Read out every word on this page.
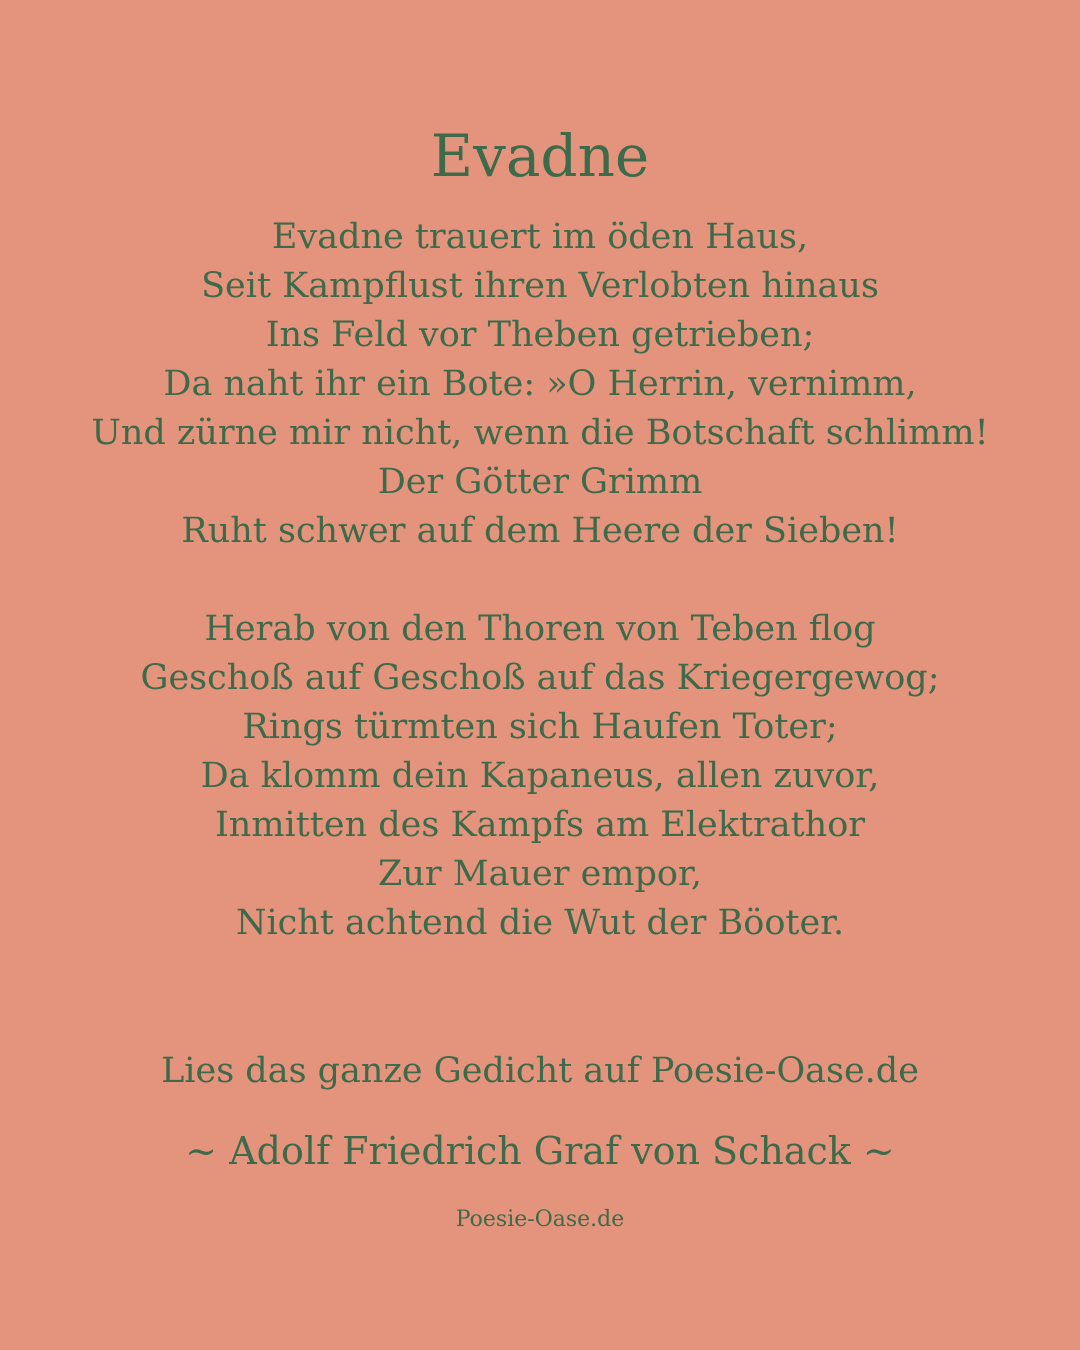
Evadne
Evadne trauert im öden Haus,
Seit Kampflust ihren Verlobten hinaus
Ins Feld vor Theben getrieben;
Da naht ihr ein Bote: »O Herrin, vernimm,
Und zürne mir nicht, wenn die Botschaft schlimm!
Der Götter Grimm
Ruht schwer auf dem Heere der Sieben!
Herab von den Thoren von Teben flog
Geschoß auf Geschoß auf das Kriegergewog;
Rings türmten sich Haufen Toter;
Da klomm dein Kapaneus, allen zuvor,
Inmitten des Kampfs am Elektrathor
Zur Mauer empor,
Nicht achtend die Wut der Böoter.
Lies das ganze Gedicht auf Poesie-Oase.de
~ Adolf Friedrich Graf von Schack ~
Poesie-Oase.de
